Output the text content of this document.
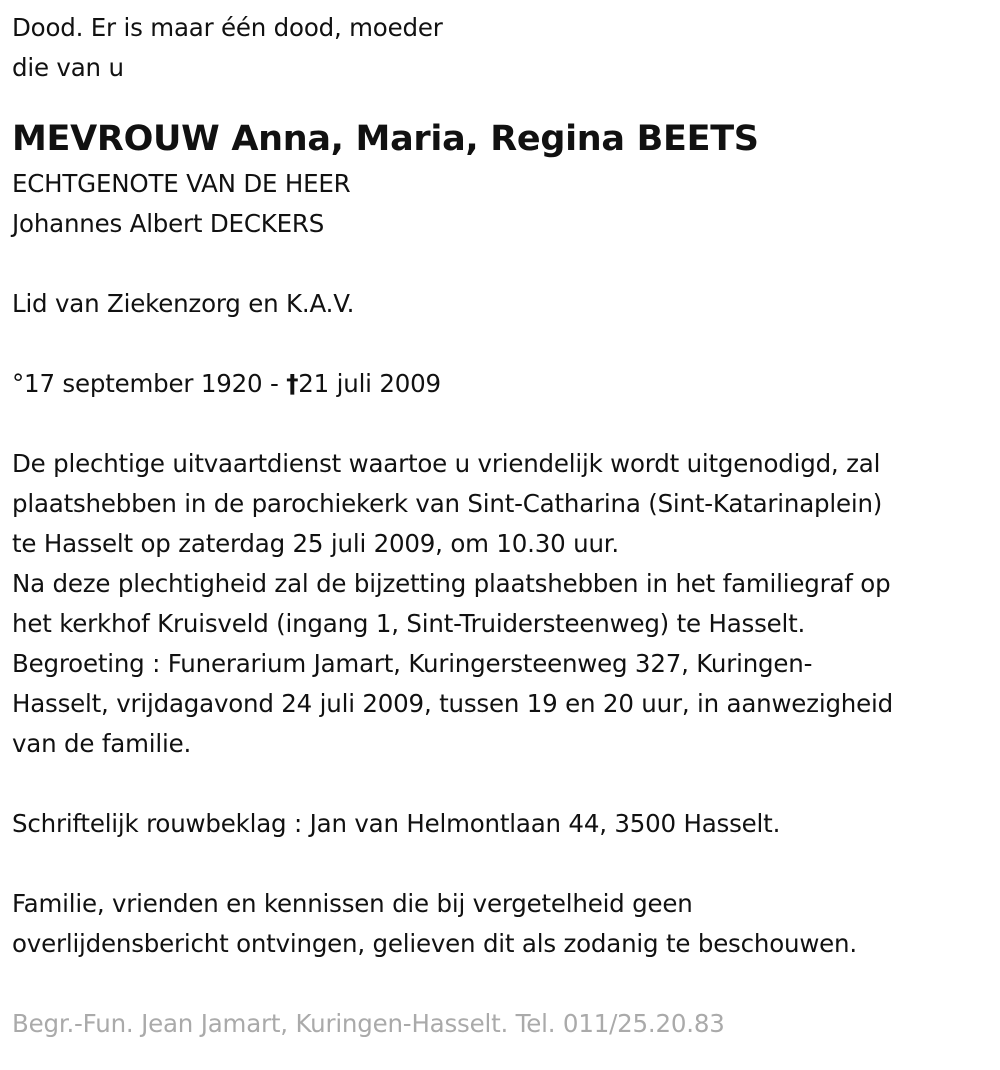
Dood. Er is maar één dood, moeder
die van u
MEVROUW Anna, Maria, Regina BEETS
ECHTGENOTE VAN DE HEER
Johannes Albert DECKERS
Lid van Ziekenzorg en K.A.V.
°17 september 1920 - †21 juli 2009
De plechtige uitvaartdienst waartoe u vriendelijk wordt uitgenodigd, zal
plaatshebben in de parochiekerk van Sint-Catharina (Sint-Katarinaplein)
te Hasselt op zaterdag 25 juli 2009, om 10.30 uur.
Na deze plechtigheid zal de bijzetting plaatshebben in het familiegraf op
het kerkhof Kruisveld (ingang 1, Sint-Truidersteenweg) te Hasselt.
Begroeting : Funerarium Jamart, Kuringersteenweg 327, Kuringen-
Hasselt, vrijdagavond 24 juli 2009, tussen 19 en 20 uur, in aanwezigheid
van de familie.
Schriftelijk rouwbeklag : Jan van Helmontlaan 44, 3500 Hasselt.
Familie, vrienden en kennissen die bij vergetelheid geen
overlijdensbericht ontvingen, gelieven dit als zodanig te beschouwen.
Begr.-Fun. Jean Jamart, Kuringen-Hasselt. Tel. 011/25.20.83
